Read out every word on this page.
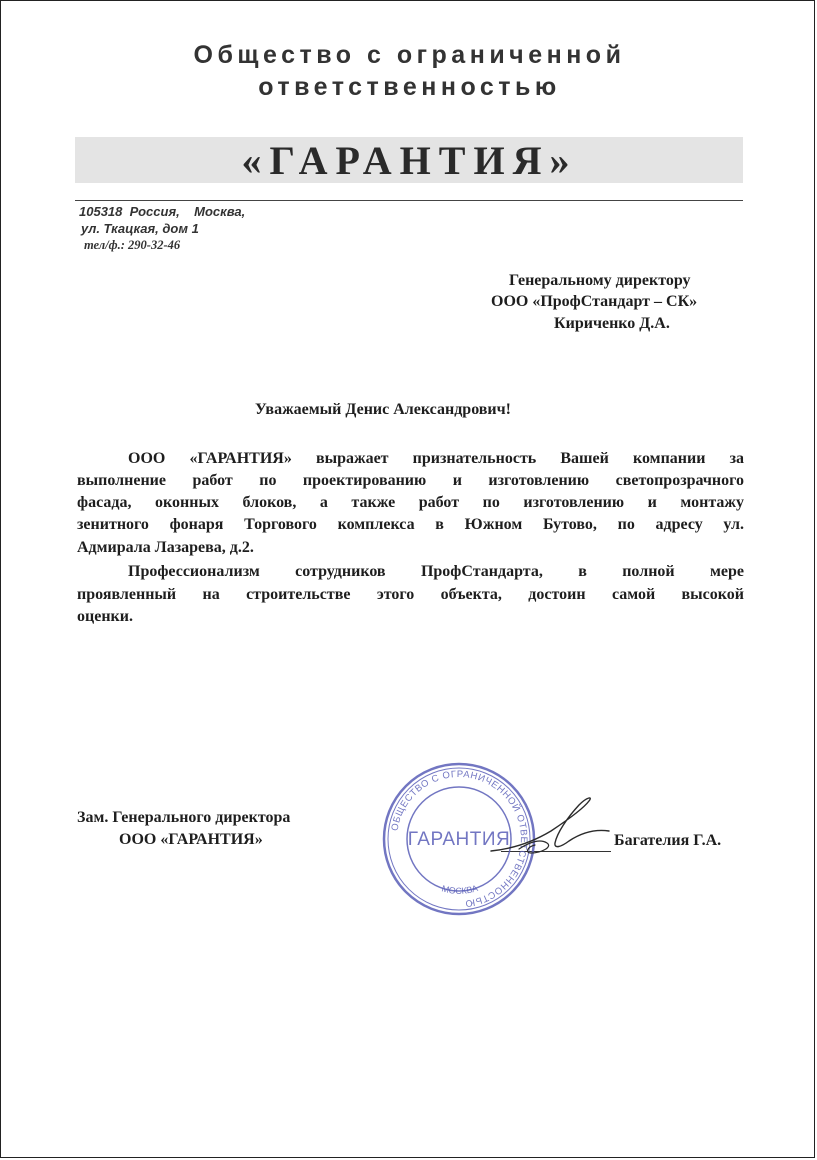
Общество с ограниченной
ответственностью
«ГАРАНТИЯ»
105318  Россия,    Москва,
ул. Ткацкая, дом 1
тел/ф.: 290-32-46
Генеральному директору
ООО «ПрофСтандарт – СК»
Кириченко Д.А.
Уважаемый Денис Александрович!
ООО «ГАРАНТИЯ» выражает признательность Вашей компании за
выполнение работ по проектированию и изготовлению светопрозрачного
фасада, оконных блоков, а также работ по изготовлению и монтажу
зенитного фонаря Торгового комплекса в Южном Бутово, по адресу ул.
Адмирала Лазарева, д.2.
Профессионализм сотрудников ПрофСтандарта, в полной мере
проявленный на строительстве этого объекта, достоин самой высокой
оценки.
Зам. Генерального директора
ООО «ГАРАНТИЯ»	Багателия Г.А.
ОБЩЕСТВО С ОГРАНИЧЕННОЙ ОТВЕТСТВЕННОСТЬЮ
ГАРАНТИЯ
МОСКВА
